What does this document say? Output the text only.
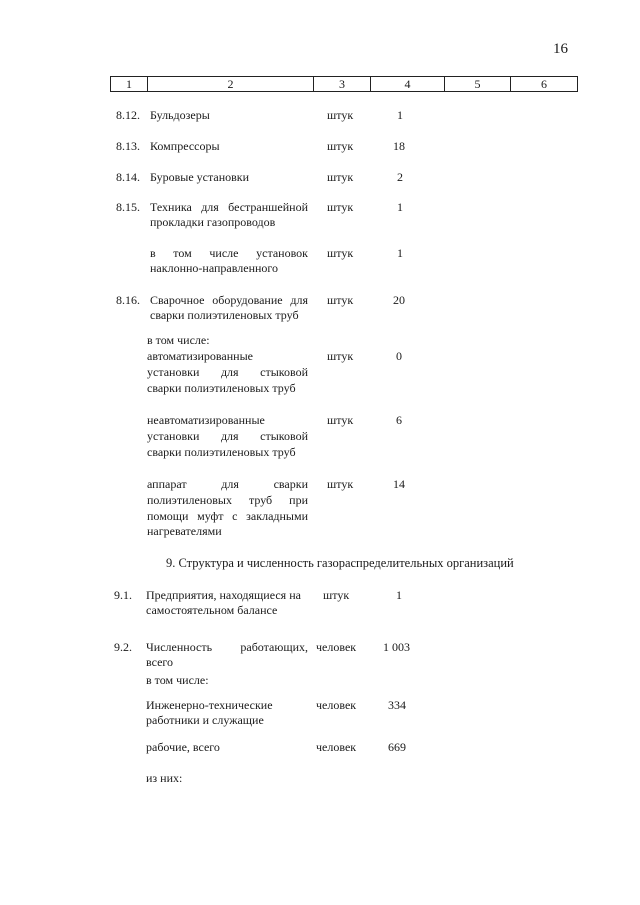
16
1	2	3	4	5	6
8.12. Бульдозеры	штук	1
8.13. Компрессоры	штук	18
8.14. Буровые установки	штук	2
8.15. Техника для бестраншейной
прокладки газопроводов
штук	1
в том числе установок
наклонно-направленного
штук	1
8.16. Сварочное оборудование для
сварки полиэтиленовых труб
штук	20
в том числе:
автоматизированные
установки для стыковой
сварки полиэтиленовых труб
штук	0
неавтоматизированные
установки для стыковой
сварки полиэтиленовых труб
штук	6
аппарат для сварки
полиэтиленовых труб при
помощи муфт с закладными
нагревателями
штук	14
9. Структура и численность газораспределительных организаций
9.1. Предприятия, находящиеся на
самостоятельном балансе
штук	1
9.2. Численность работающих,
всего
человек 1 003
в том числе:
Инженерно-технические
работники и служащие
человек	334
рабочие, всего	человек	669
из них:
